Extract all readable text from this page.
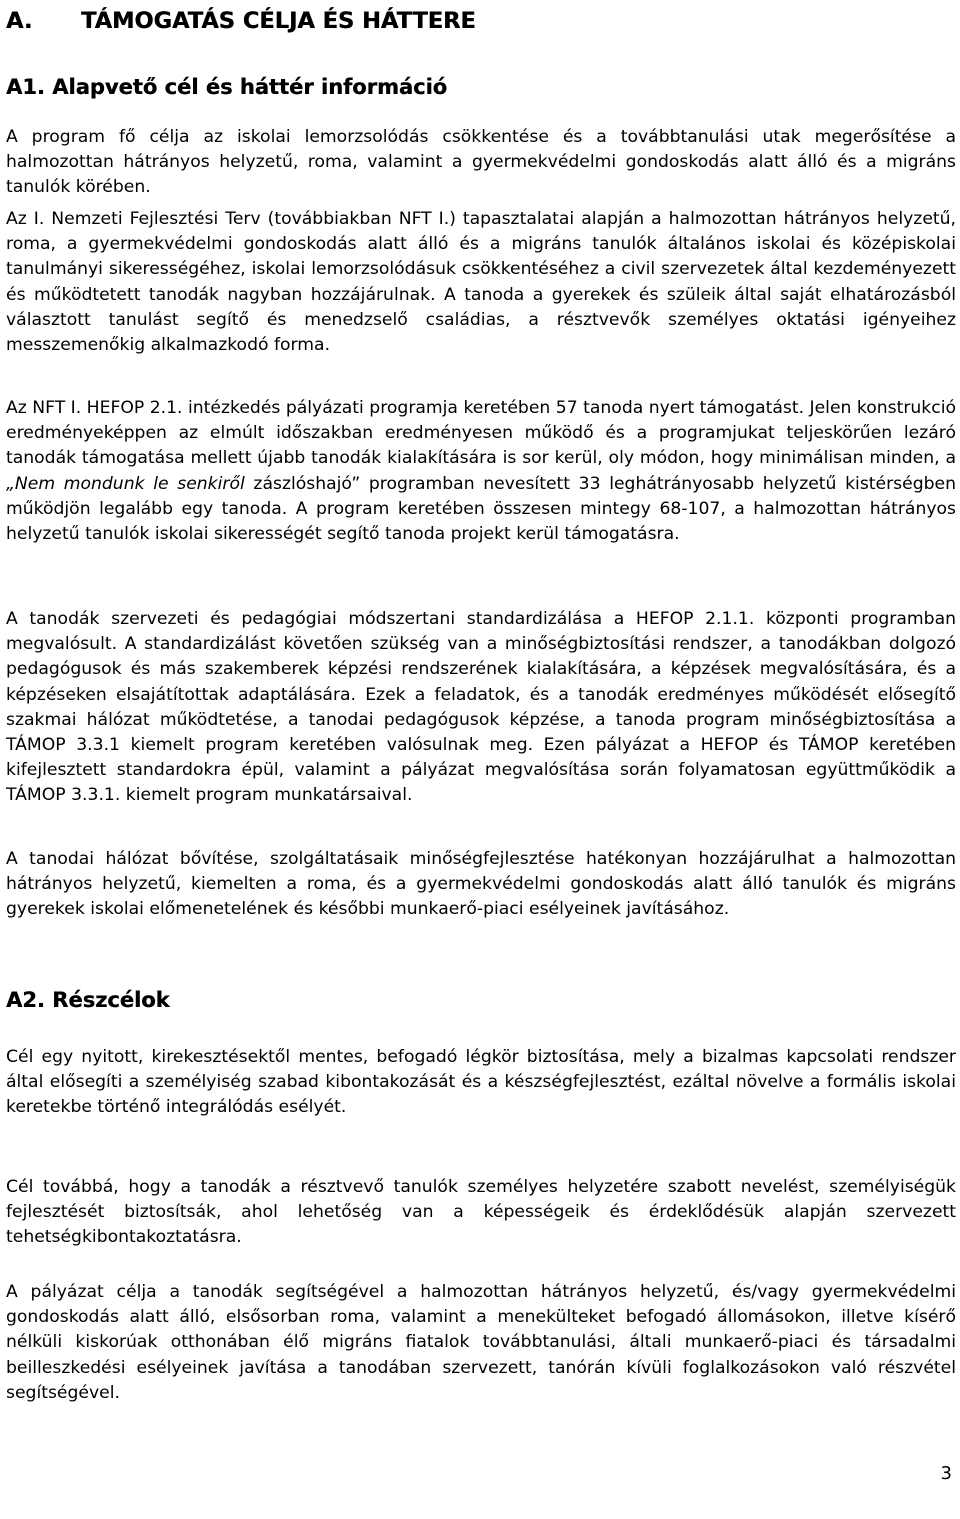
A. TÁMOGATÁS CÉLJA ÉS HÁTTERE
A1. Alapvető cél és háttér információ
A program fő célja az iskolai lemorzsolódás csökkentése és a továbbtanulási utak megerősítése a halmozottan hátrányos helyzetű, roma, valamint a gyermekvédelmi gondoskodás alatt álló és a migráns tanulók körében.
Az I. Nemzeti Fejlesztési Terv (továbbiakban NFT I.) tapasztalatai alapján a halmozottan hátrányos helyzetű, roma, a gyermekvédelmi gondoskodás alatt álló és a migráns tanulók általános iskolai és középiskolai tanulmányi sikerességéhez, iskolai lemorzsolódásuk csökkentéséhez a civil szervezetek által kezdeményezett és működtetett tanodák nagyban hozzájárulnak. A tanoda a gyerekek és szüleik által saját elhatározásból választott tanulást segítő és menedzselő családias, a résztvevők személyes oktatási igényeihez messzemenőkig alkalmazkodó forma.
Az NFT I. HEFOP 2.1. intézkedés pályázati programja keretében 57 tanoda nyert támogatást. Jelen konstrukció eredményeképpen az elmúlt időszakban eredményesen működő és a programjukat teljeskörűen lezáró tanodák támogatása mellett újabb tanodák kialakítására is sor kerül, oly módon, hogy minimálisan minden, a „Nem mondunk le senkiről zászlóshajó” programban nevesített 33 leghátrányosabb helyzetű kistérségben működjön legalább egy tanoda. A program keretében összesen mintegy 68-107, a halmozottan hátrányos helyzetű tanulók iskolai sikerességét segítő tanoda projekt kerül támogatásra.
A tanodák szervezeti és pedagógiai módszertani standardizálása a HEFOP 2.1.1. központi programban megvalósult. A standardizálást követően szükség van a minőségbiztosítási rendszer, a tanodákban dolgozó pedagógusok és más szakemberek képzési rendszerének kialakítására, a képzések megvalósítására, és a képzéseken elsajátítottak adaptálására. Ezek a feladatok, és a tanodák eredményes működését elősegítő szakmai hálózat működtetése, a tanodai pedagógusok képzése, a tanoda program minőségbiztosítása a TÁMOP 3.3.1 kiemelt program keretében valósulnak meg. Ezen pályázat a HEFOP és TÁMOP keretében kifejlesztett standardokra épül, valamint a pályázat megvalósítása során folyamatosan együttműködik a TÁMOP 3.3.1. kiemelt program munkatársaival.
A tanodai hálózat bővítése, szolgáltatásaik minőségfejlesztése hatékonyan hozzájárulhat a halmozottan hátrányos helyzetű, kiemelten a roma, és a gyermekvédelmi gondoskodás alatt álló tanulók és migráns gyerekek iskolai előmenetelének és későbbi munkaerő-piaci esélyeinek javításához.
A2. Részcélok
Cél egy nyitott, kirekesztésektől mentes, befogadó légkör biztosítása, mely a bizalmas kapcsolati rendszer által elősegíti a személyiség szabad kibontakozását és a készségfejlesztést, ezáltal növelve a formális iskolai keretekbe történő integrálódás esélyét.
Cél továbbá, hogy a tanodák a résztvevő tanulók személyes helyzetére szabott nevelést, személyiségük fejlesztését biztosítsák, ahol lehetőség van a képességeik és érdeklődésük alapján szervezett tehetségkibontakoztatásra.
A pályázat célja a tanodák segítségével a halmozottan hátrányos helyzetű, és/vagy gyermekvédelmi gondoskodás alatt álló, elsősorban roma, valamint a menekülteket befogadó állomásokon, illetve kísérő nélküli kiskorúak otthonában élő migráns fiatalok továbbtanulási, általi munkaerő-piaci és társadalmi beilleszkedési esélyeinek javítása a tanodában szervezett, tanórán kívüli foglalkozásokon való részvétel segítségével.
3
